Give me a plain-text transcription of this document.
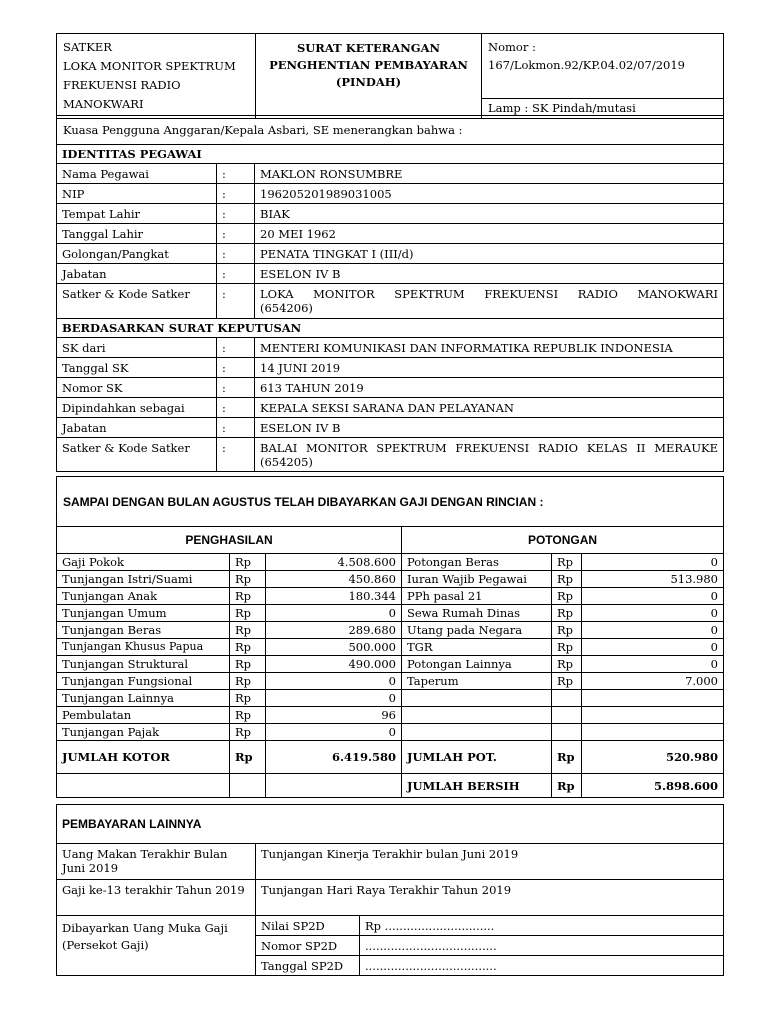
SATKER
LOKA MONITOR SPEKTRUM FREKUENSI RADIO MANOKWARI

SURAT KETERANGAN
PENGHENTIAN PEMBAYARAN
(PINDAH)

Nomor :
167/Lokmon.92/KP.04.02/07/2019

Lamp : SK Pindah/mutasi
Kuasa Pengguna Anggaran/Kepala Asbari, SE menerangkan bahwa :		
IDENTITAS PEGAWAI		
Nama Pegawai	:	MAKLON RONSUMBRE
NIP	:	196205201989031005
Tempat Lahir	:	BIAK
Tanggal Lahir	:	20 MEI 1962
Golongan/Pangkat	:	PENATA TINGKAT I (III/d)
Jabatan	:	ESELON IV B
Satker & Kode Satker	:	LOKA MONITOR SPEKTRUM FREKUENSI RADIO MANOKWARI
(654206)

BERDASARKAN SURAT KEPUTUSAN		
SK dari	:	MENTERI KOMUNIKASI DAN INFORMATIKA REPUBLIK INDONESIA
Tanggal SK	:	14 JUNI 2019
Nomor SK	:	613 TAHUN 2019
Dipindahkan sebagai	:	KEPALA SEKSI SARANA DAN PELAYANAN
Jabatan	:	ESELON IV B
Satker & Kode Satker	:	BALAI MONITOR SPEKTRUM FREKUENSI RADIO KELAS II MERAUKE
(654205)
SAMPAI DENGAN BULAN AGUSTUS TELAH DIBAYARKAN GAJI DENGAN RINCIAN :					
PENGHASILAN			POTONGAN		
Gaji Pokok	Rp	4.508.600	Potongan Beras	Rp	0
Tunjangan Istri/Suami	Rp	450.860	Iuran Wajib Pegawai	Rp	513.980
Tunjangan Anak	Rp	180.344	PPh pasal 21	Rp	0
Tunjangan Umum	Rp	0	Sewa Rumah Dinas	Rp	0
Tunjangan Beras	Rp	289.680	Utang pada Negara	Rp	0
Tunjangan Khusus Papua	Rp	500.000	TGR	Rp	0
Tunjangan Struktural	Rp	490.000	Potongan Lainnya	Rp	0
Tunjangan Fungsional	Rp	0	Taperum	Rp	7.000
Tunjangan Lainnya	Rp	0			
Pembulatan	Rp	96			
Tunjangan Pajak	Rp	0			
JUMLAH KOTOR	Rp	6.419.580	JUMLAH POT.	Rp	520.980
			JUMLAH BERSIH	Rp	5.898.600
PEMBAYARAN LAINNYA		
Uang Makan Terakhir Bulan Juni 2019	Tunjangan Kinerja Terakhir bulan Juni 2019	
Gaji ke-13 terakhir Tahun 2019	Tunjangan Hari Raya Terakhir Tahun 2019	
Dibayarkan Uang Muka Gaji (Persekot Gaji)	Nilai SP2D	Rp ..............................
	Nomor SP2D	....................................
	Tanggal SP2D	....................................
